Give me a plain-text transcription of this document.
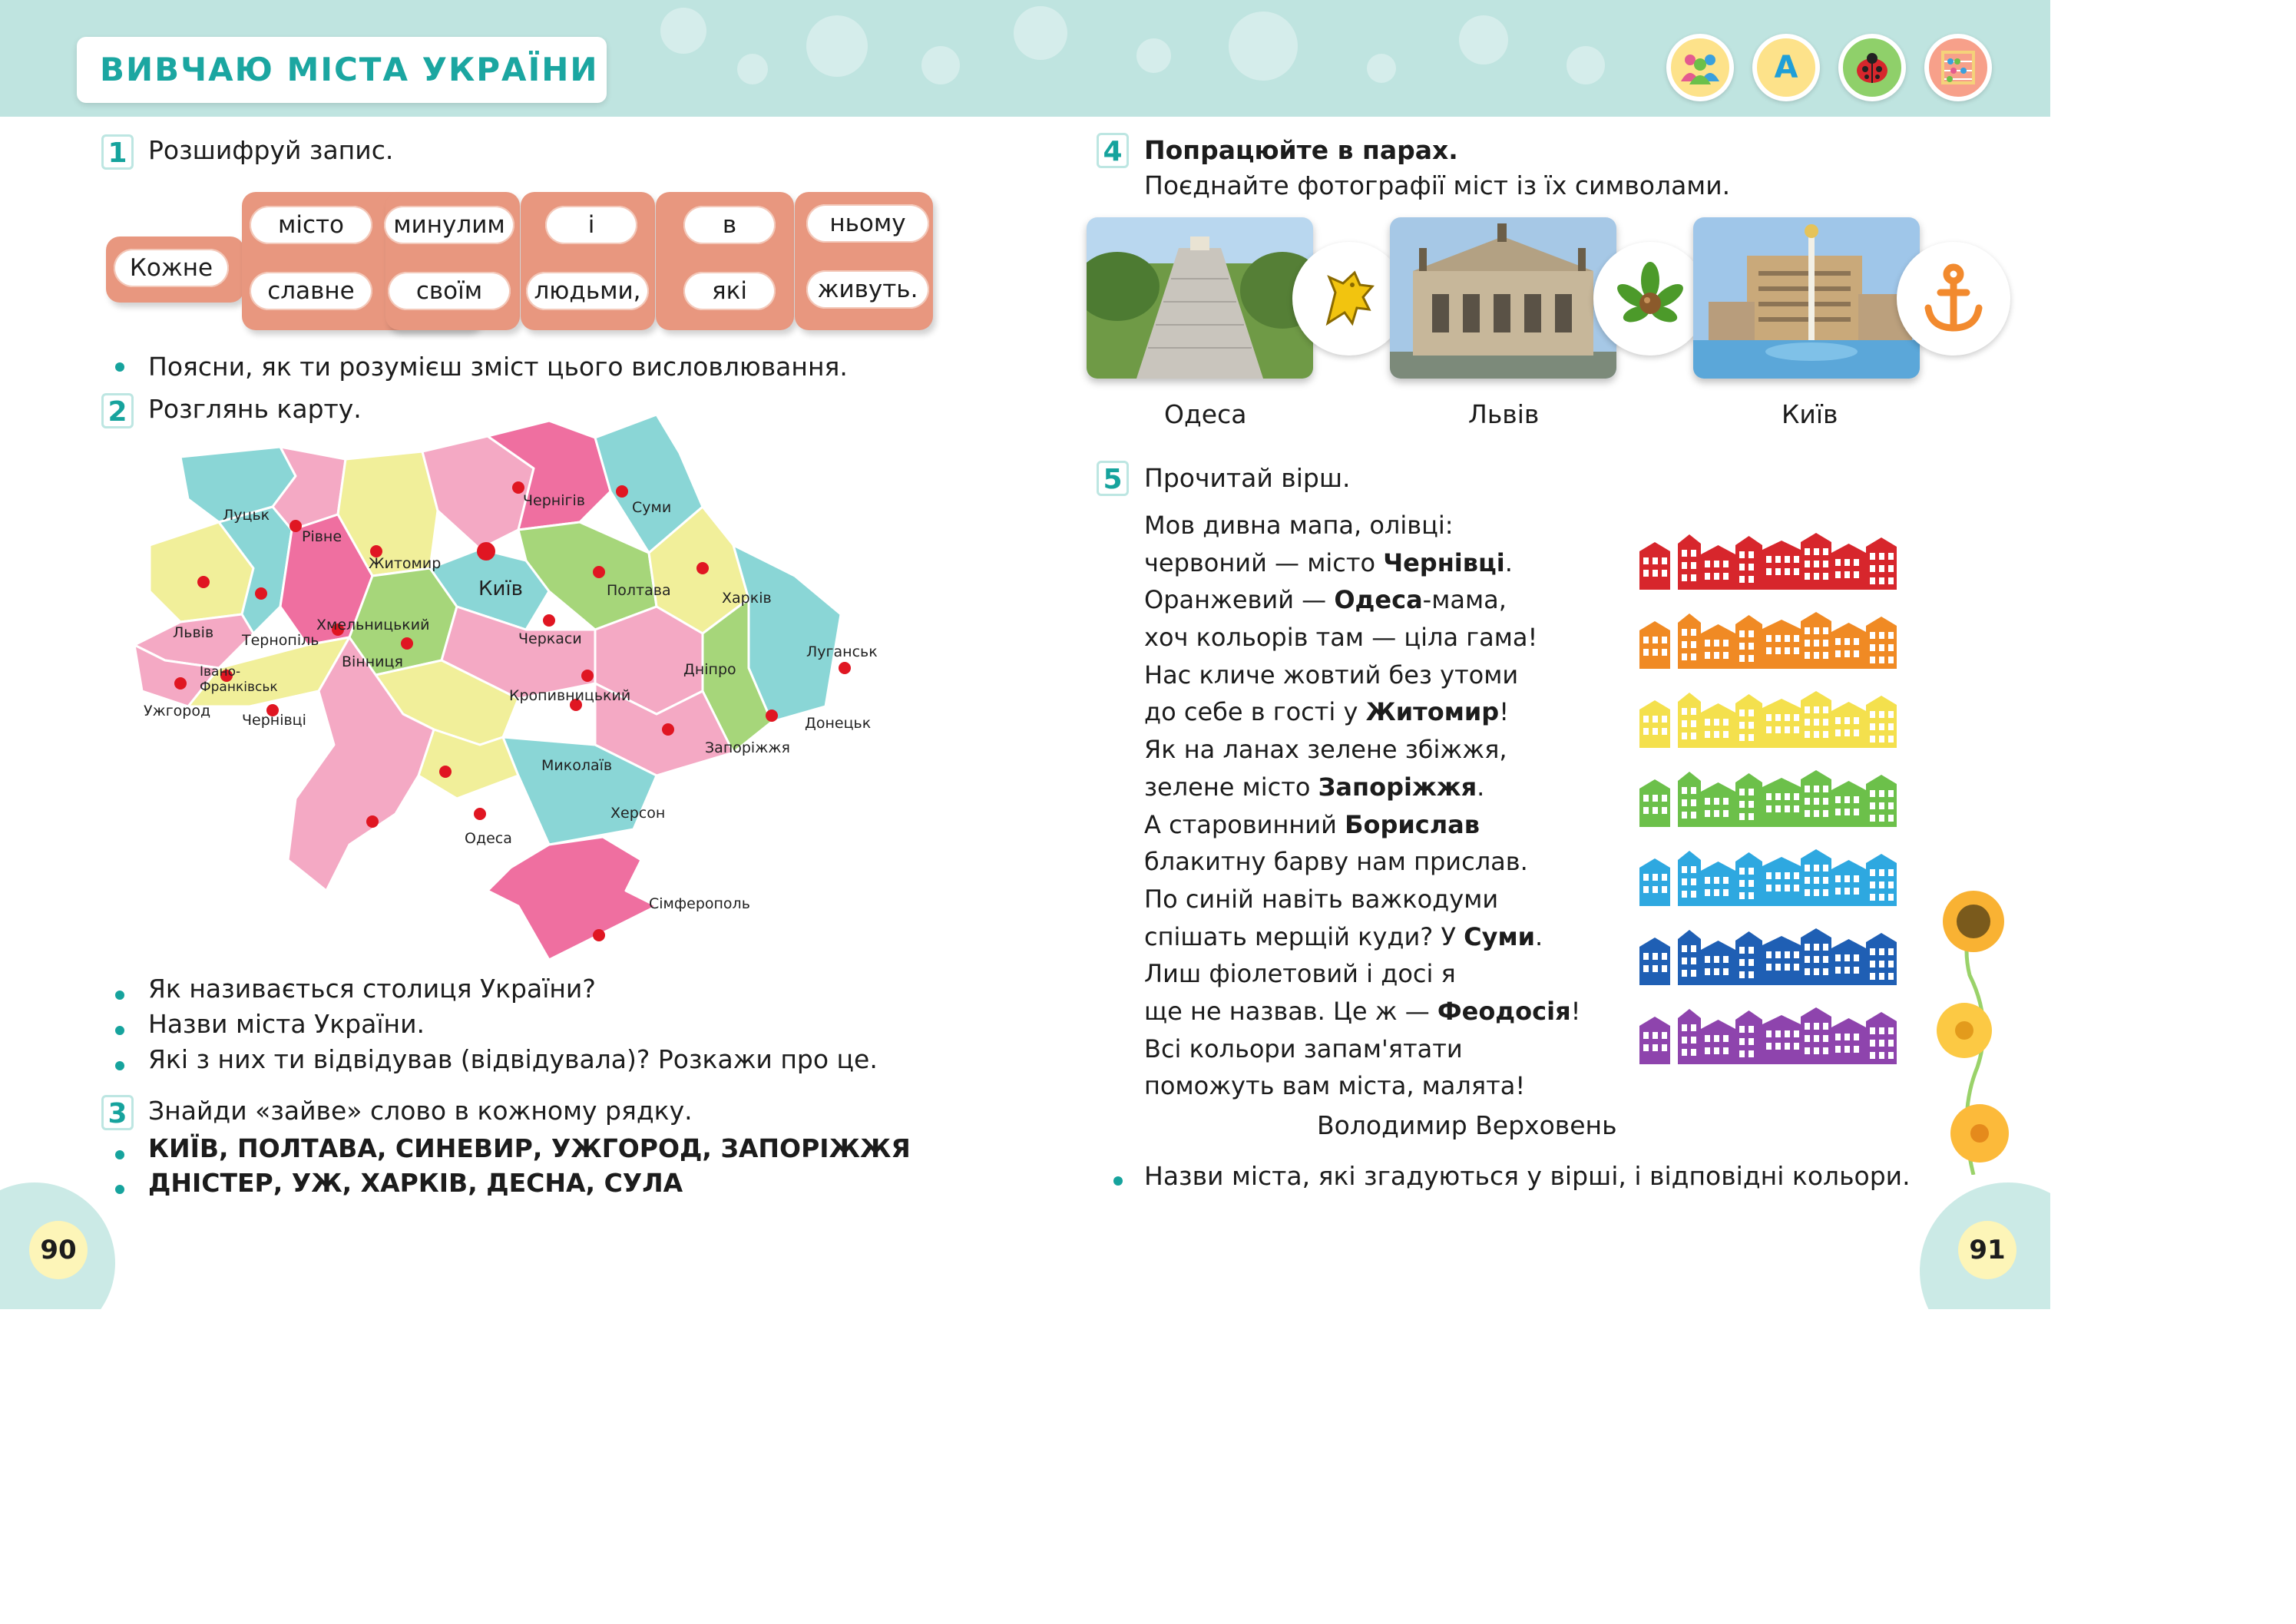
ВИВЧАЮ МІСТА УКРАЇНИ	А
1 Розшифруй запис.
Кожне
місто	минулим	і	в	ньому
славне	своїм	людьми,	які	живуть.
Поясни, як ти розумієш зміст цього висловлювання.
2 Розглянь карту.
Луцьк
Рівне
Житомир
Чернігів	Суми
Київ
Львів Тернопіль
Хмельницький
Полтава	Харків
Луганськ
Черкаси
Вінниця
Івано-
Франківськ
Ужгород
Чернівці
Кропивницький
Дніпро
Донецьк
Запоріжжя
Миколаїв
Херсон
Одеса
Сімферополь
Як називається столиця України?
Назви міста України.
Які з них ти відвідував (відвідувала)? Розкажи про це.
3 Знайди «зайве» слово в кожному рядку.
КИЇВ, ПОЛТАВА, СИНЕВИР, УЖГОРОД, ЗАПОРІЖЖЯ
ДНІСТЕР, УЖ, ХАРКІВ, ДЕСНА, СУЛА
90
4 Попрацюйте в парах.
Поєднайте фотографії міст із їх символами.
Одеса	Львів	Київ
5 Прочитай вірш.
Мов дивна мапа, олівці:
червоний — місто Чернівці.
Оранжевий — Одеса-мама,
хоч кольорів там — ціла гама!
Нас кличе жовтий без утоми
до себе в гості у Житомир!
Як на ланах зелене збіжжя,
зелене місто Запоріжжя.
А старовинний Борислав
блакитну барву нам прислав.
По синій навіть важкодуми
спішать мерщій куди? У Суми.
Лиш фіолетовий і досі я
ще не назвав. Це ж — Феодосія!
Всі кольори запам'ятати
поможуть вам міста, малята!
Володимир Верховень
Назви міста, які згадуються у вірші, і відповідні кольори.
91
